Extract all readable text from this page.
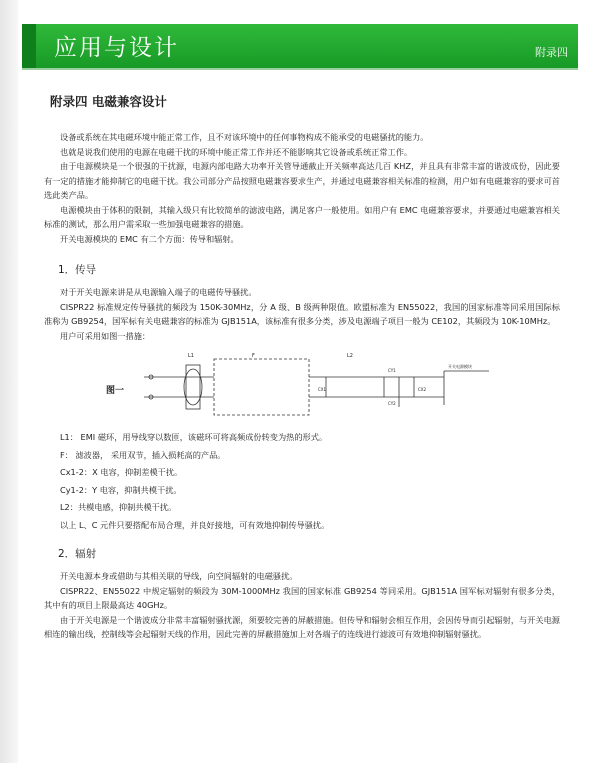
应用与设计	附录四
附录四 电磁兼容设计

设备或系统在其电磁环境中能正常工作，且不对该环境中的任何事物构成不能承受的电磁骚扰的能力。

也就是说我们使用的电源在电磁干扰的环境中能正常工作并还不能影响其它设备或系统正常工作。

由于电源模块是一个很强的干扰源，电源内部电路大功率开关管导通截止开关频率高达几百 KHZ，并且具有非常丰富的谐波成份，因此要有一定的措施才能抑制它的电磁干扰。我公司部分产品按照电磁兼容要求生产，并通过电磁兼容相关标准的检测，用户如有电磁兼容的要求可首选此类产品。

电源模块由于体积的限制，其输入级只有比较简单的滤波电路，满足客户一般使用。如用户有 EMC 电磁兼容要求，并要通过电磁兼容相关标准的测试，那么用户需采取一些加强电磁兼容的措施。

开关电源模块的 EMC 有二个方面：传导和辐射。

1．传导

对于开关电源来讲是从电源输入端子的电磁传导骚扰。

CISPR22 标准规定传导骚扰的频段为 150K-30MHz，分 A 级、B 级两种限值。欧盟标准为 EN55022，我国的国家标准等同采用国际标准称为 GB9254，国军标有关电磁兼容的标准为 GJB151A，该标准有很多分类，涉及电源端子项目一般为 CE102，其频段为 10K-10MHz。

用户可采用如图一措施：

图一
L1	F	L2
CX1
CY1
CY2
CX2
开关电源模块
L1： EMI 磁环，用导线穿以数匝，该磁环可将高频成份转变为热的形式。
F： 滤波器， 采用双节，插入损耗高的产品。
Cx1-2：X 电容，抑制差模干扰。
Cy1-2：Y 电容，抑制共模干扰。
L2：共模电感，抑制共模干扰。
以上 L、C 元件只要搭配布局合理，并良好接地，可有效地抑制传导骚扰。
2．辐射

开关电源本身或借助与其相关联的导线，向空间辐射的电磁骚扰。

CISPR22、EN55022 中规定辐射的频段为 30M-1000MHz 我国的国家标准 GB9254 等同采用。GJB151A 国军标对辐射有很多分类，其中有的项目上限最高达 40GHz。

由于开关电源是一个谐波成分非常丰富辐射骚扰源，须要较完善的屏蔽措施。但传导和辐射会相互作用，会因传导而引起辐射，与开关电源相连的输出线，控制线等会起辐射天线的作用，因此完善的屏蔽措施加上对各端子的连线进行滤波可有效地抑制辐射骚扰。
